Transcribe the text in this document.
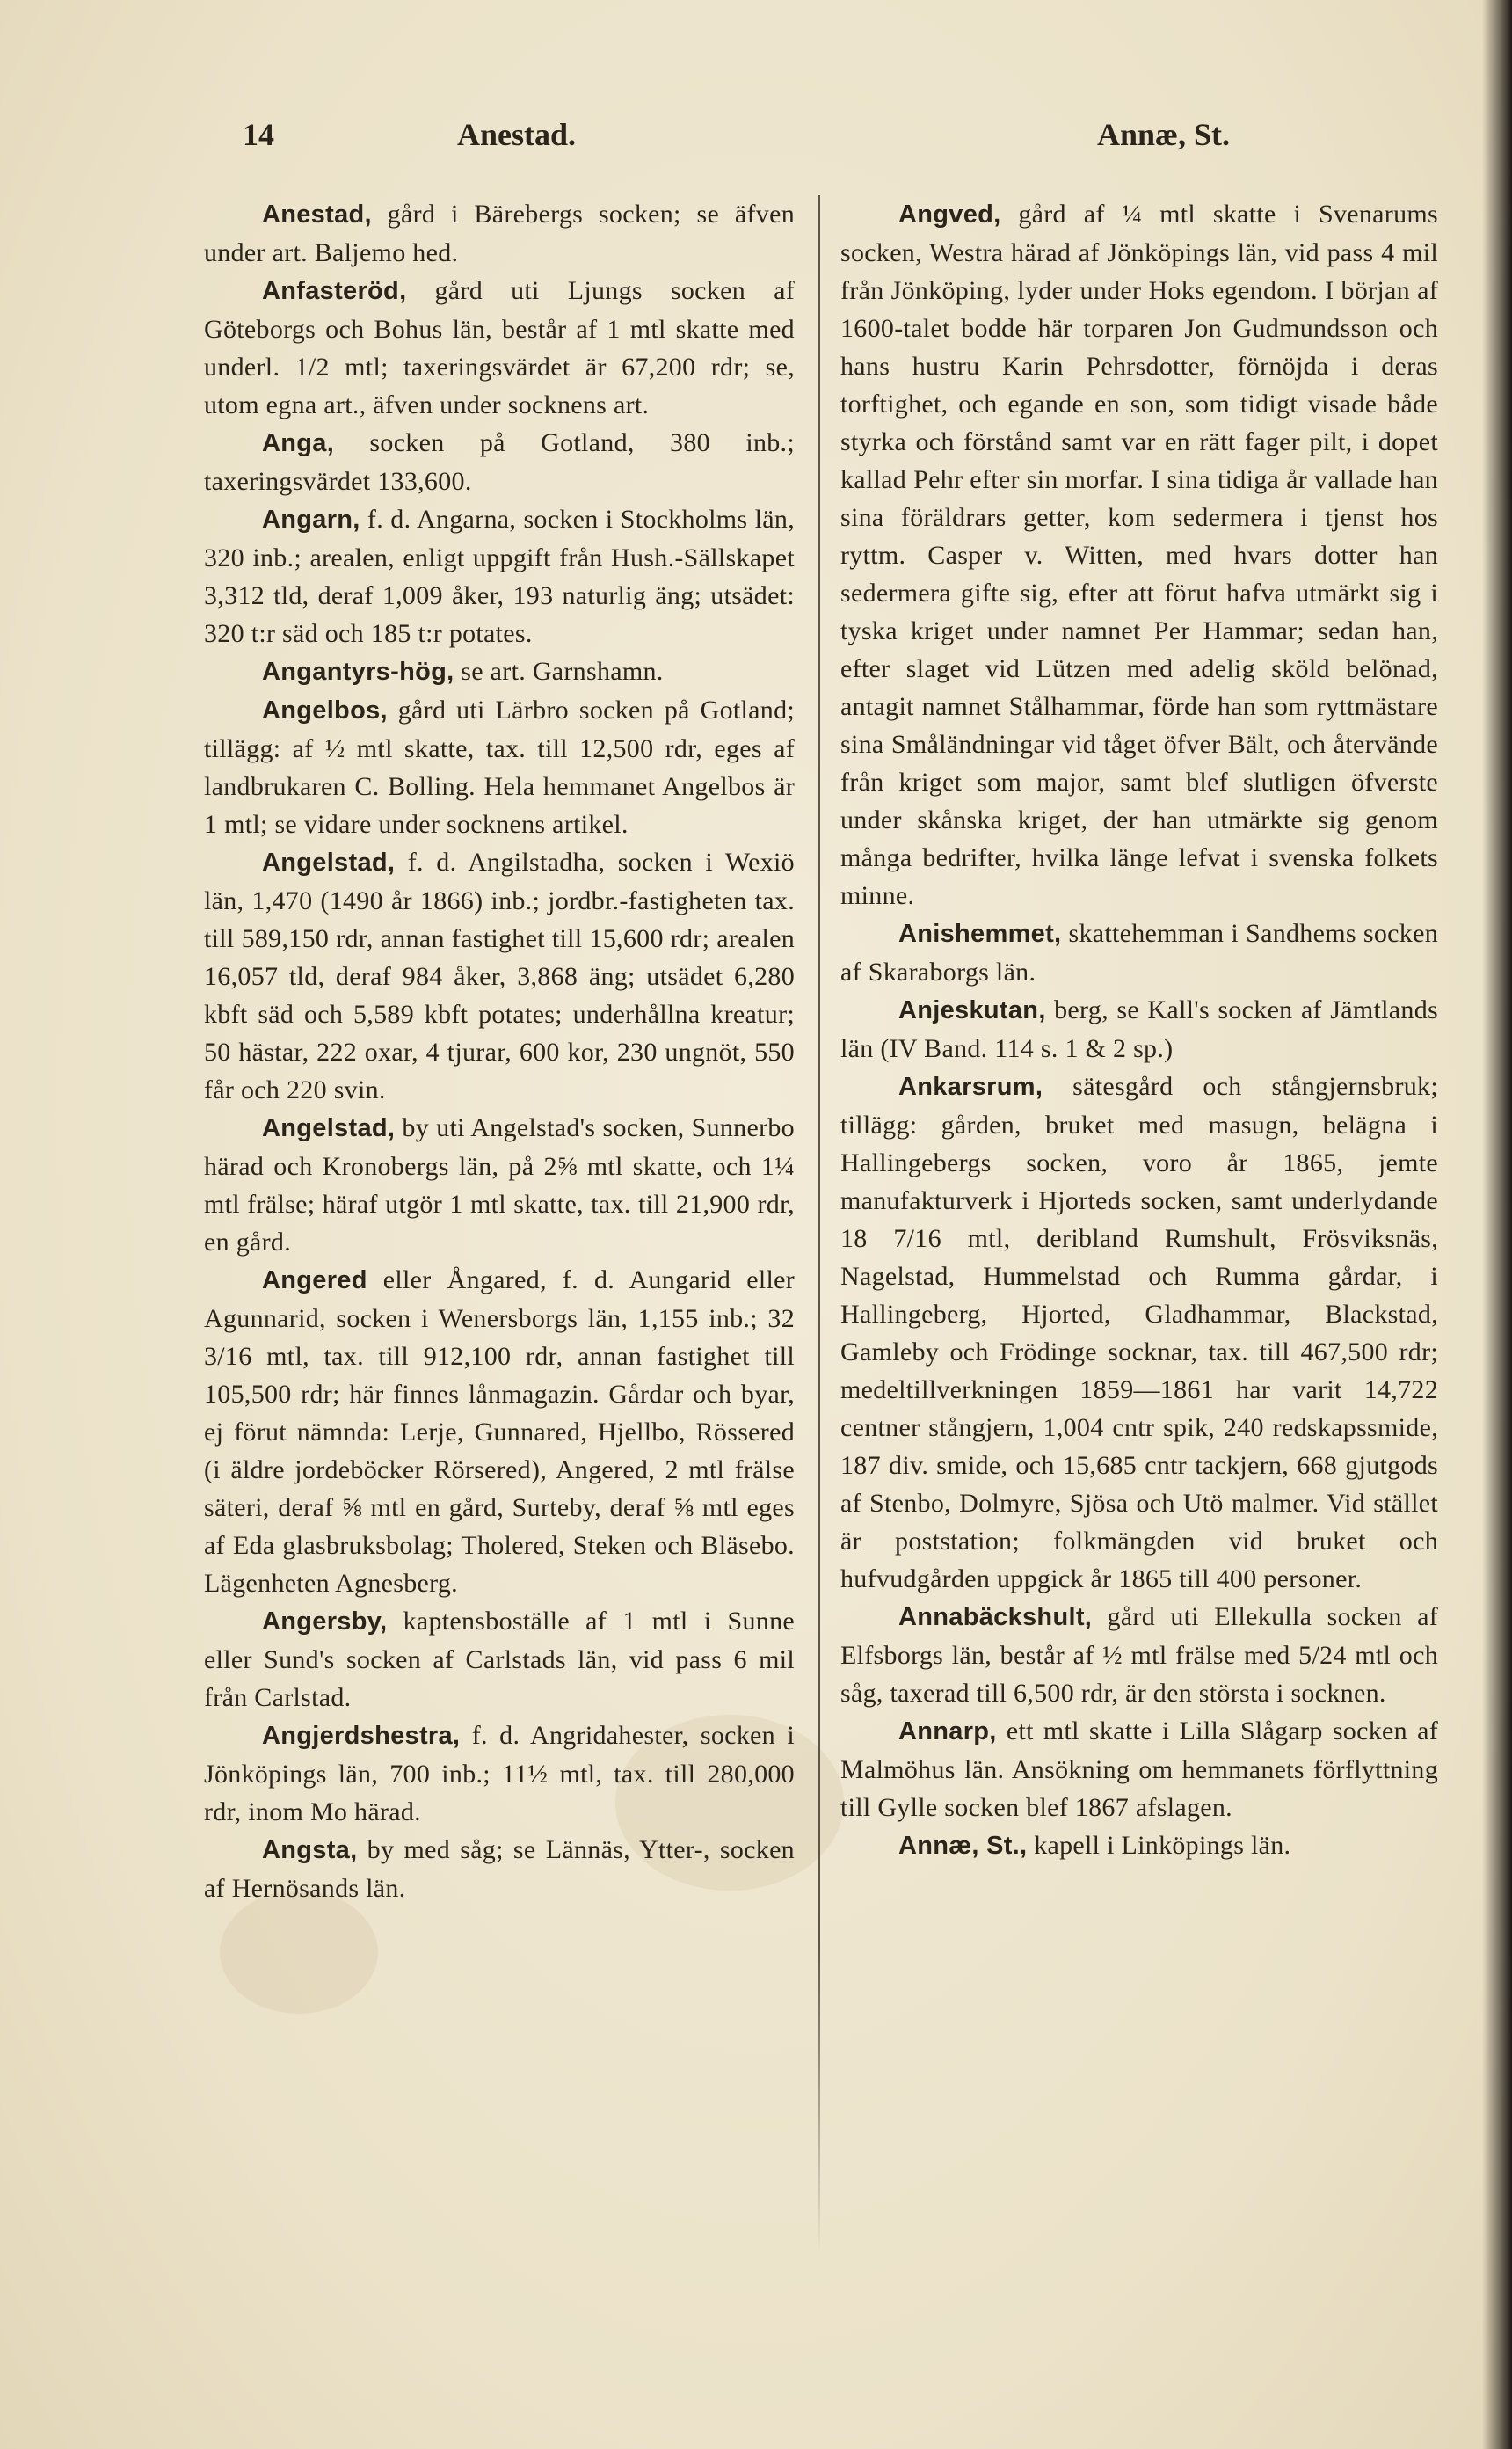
14	Anestad.	Annæ, St.

Anestad, gård i Bärebergs socken; se äfven under art. Baljemo hed.

Anfasteröd, gård uti Ljungs socken af Göteborgs och Bohus län, består af 1 mtl skatte med underl. 1/2 mtl; taxeringsvärdet är 67,200 rdr; se, utom egna art., äfven under socknens art.

Anga, socken på Gotland, 380 inb.; taxeringsvärdet 133,600.

Angarn, f. d. Angarna, socken i Stockholms län, 320 inb.; arealen, enligt uppgift från Hush.-Sällskapet 3,312 tld, deraf 1,009 åker, 193 naturlig äng; utsädet: 320 t:r säd och 185 t:r potates.

Angantyrs-hög, se art. Garnshamn.

Angelbos, gård uti Lärbro socken på Gotland; tillägg: af ½ mtl skatte, tax. till 12,500 rdr, eges af landbrukaren C. Bolling. Hela hemmanet Angelbos är 1 mtl; se vidare under socknens artikel.

Angelstad, f. d. Angilstadha, socken i Wexiö län, 1,470 (1490 år 1866) inb.; jordbr.-fastigheten tax. till 589,150 rdr, annan fastighet till 15,600 rdr; arealen 16,057 tld, deraf 984 åker, 3,868 äng; utsädet 6,280 kbft säd och 5,589 kbft potates; underhållna kreatur; 50 hästar, 222 oxar, 4 tjurar, 600 kor, 230 ungnöt, 550 får och 220 svin.

Angelstad, by uti Angelstad's socken, Sunnerbo härad och Kronobergs län, på 2⅝ mtl skatte, och 1¼ mtl frälse; häraf utgör 1 mtl skatte, tax. till 21,900 rdr, en gård.

Angered eller Ångared, f. d. Aungarid eller Agunnarid, socken i Wenersborgs län, 1,155 inb.; 32 3/16 mtl, tax. till 912,100 rdr, annan fastighet till 105,500 rdr; här finnes lånmagazin. Gårdar och byar, ej förut nämnda: Lerje, Gunnared, Hjellbo, Rössered (i äldre jordeböcker Rörsered), Angered, 2 mtl frälse säteri, deraf ⅝ mtl en gård, Surteby, deraf ⅝ mtl eges af Eda glasbruksbolag; Tholered, Steken och Bläsebo. Lägenheten Agnesberg.

Angersby, kaptensboställe af 1 mtl i Sunne eller Sund's socken af Carlstads län, vid pass 6 mil från Carlstad.

Angjerdshestra, f. d. Angridahester, socken i Jönköpings län, 700 inb.; 11½ mtl, tax. till 280,000 rdr, inom Mo härad.

Angsta, by med såg; se Lännäs, Ytter-, socken af Hernösands län.

Angved, gård af ¼ mtl skatte i Svenarums socken, Westra härad af Jönköpings län, vid pass 4 mil från Jönköping, lyder under Hoks egendom. I början af 1600-talet bodde här torparen Jon Gudmundsson och hans hustru Karin Pehrsdotter, förnöjda i deras torftighet, och egande en son, som tidigt visade både styrka och förstånd samt var en rätt fager pilt, i dopet kallad Pehr efter sin morfar. I sina tidiga år vallade han sina föräldrars getter, kom sedermera i tjenst hos ryttm. Casper v. Witten, med hvars dotter han sedermera gifte sig, efter att förut hafva utmärkt sig i tyska kriget under namnet Per Hammar; sedan han, efter slaget vid Lützen med adelig sköld belönad, antagit namnet Stålhammar, förde han som ryttmästare sina Småländningar vid tåget öfver Bält, och återvände från kriget som major, samt blef slutligen öfverste under skånska kriget, der han utmärkte sig genom många bedrifter, hvilka länge lefvat i svenska folkets minne.

Anishemmet, skattehemman i Sandhems socken af Skaraborgs län.

Anjeskutan, berg, se Kall's socken af Jämtlands län (IV Band. 114 s. 1 & 2 sp.)

Ankarsrum, sätesgård och stångjernsbruk; tillägg: gården, bruket med masugn, belägna i Hallingebergs socken, voro år 1865, jemte manufakturverk i Hjorteds socken, samt underlydande 18 7/16 mtl, deribland Rumshult, Frösviksnäs, Nagelstad, Hummelstad och Rumma gårdar, i Hallingeberg, Hjorted, Gladhammar, Blackstad, Gamleby och Frödinge socknar, tax. till 467,500 rdr; medeltillverkningen 1859—1861 har varit 14,722 centner stångjern, 1,004 cntr spik, 240 redskapssmide, 187 div. smide, och 15,685 cntr tackjern, 668 gjutgods af Stenbo, Dolmyre, Sjösa och Utö malmer. Vid stället är poststation; folkmängden vid bruket och hufvudgården uppgick år 1865 till 400 personer.

Annabäckshult, gård uti Ellekulla socken af Elfsborgs län, består af ½ mtl frälse med 5/24 mtl och såg, taxerad till 6,500 rdr, är den största i socknen.

Annarp, ett mtl skatte i Lilla Slågarp socken af Malmöhus län. Ansökning om hemmanets förflyttning till Gylle socken blef 1867 afslagen.

Annæ, St., kapell i Linköpings län.
